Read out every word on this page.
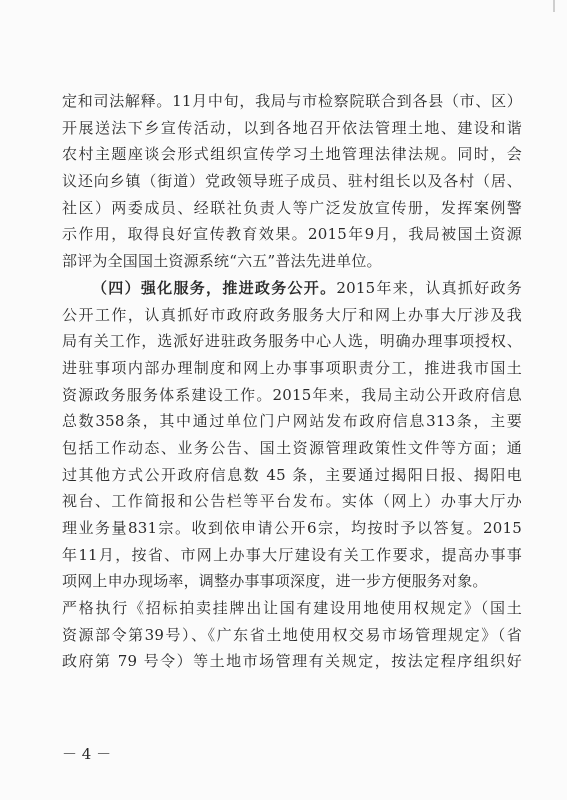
定和司法解释。11月中旬，我局与市检察院联合到各县（市、区）
开展送法下乡宣传活动，以到各地召开依法管理土地、建设和谐
农村主题座谈会形式组织宣传学习土地管理法律法规。同时，会
议还向乡镇（街道）党政领导班子成员、驻村组长以及各村（居、
社区）两委成员、经联社负责人等广泛发放宣传册，发挥案例警
示作用，取得良好宣传教育效果。2015年9月，我局被国土资源
部评为全国国土资源系统“六五”普法先进单位。
（四）强化服务，推进政务公开。2015年来，认真抓好政务
公开工作，认真抓好市政府政务服务大厅和网上办事大厅涉及我
局有关工作，选派好进驻政务服务中心人选，明确办理事项授权、
进驻事项内部办理制度和网上办事事项职责分工，推进我市国土
资源政务服务体系建设工作。2015年来，我局主动公开政府信息
总数358条，其中通过单位门户网站发布政府信息313条，主要
包括工作动态、业务公告、国土资源管理政策性文件等方面；通
过其他方式公开政府信息数 45 条，主要通过揭阳日报、揭阳电
视台、工作简报和公告栏等平台发布。实体（网上）办事大厅办
理业务量831宗。收到依申请公开6宗，均按时予以答复。2015
年11月，按省、市网上办事大厅建设有关工作要求，提高办事事
项网上申办现场率，调整办事事项深度，进一步方便服务对象。
严格执行《招标拍卖挂牌出让国有建设用地使用权规定》（国土
资源部令第39号）、《广东省土地使用权交易市场管理规定》（省
政府第 79 号令）等土地市场管理有关规定，按法定程序组织好
－ 4 －
